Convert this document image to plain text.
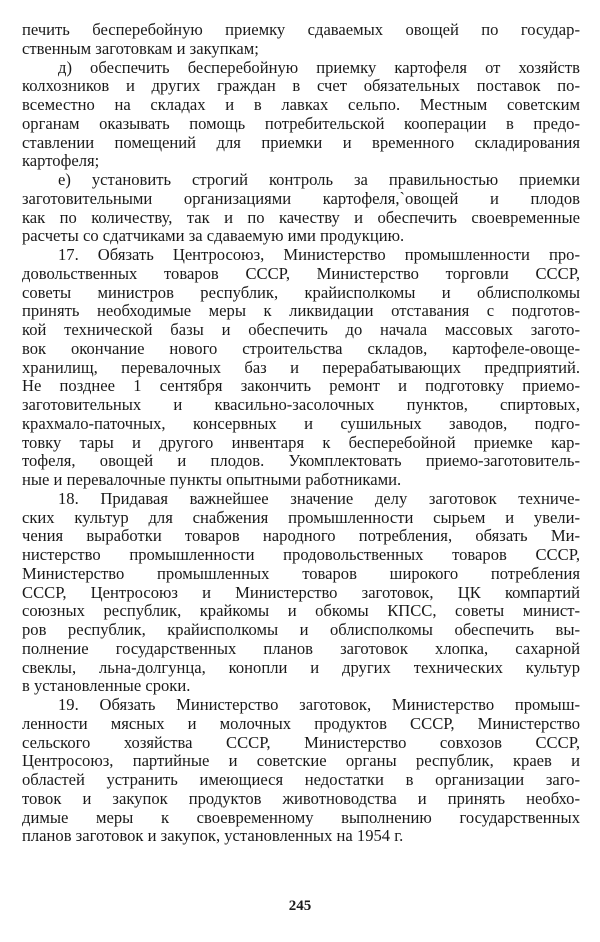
печить бесперебойную приемку сдаваемых овощей по государ-
ственным заготовкам и закупкам;
д) обеспечить бесперебойную приемку картофеля от хозяйств
колхозников и других граждан в счет обязательных поставок по-
всеместно на складах и в лавках сельпо. Местным советским
органам оказывать помощь потребительской кооперации в предо-
ставлении помещений для приемки и временного складирования
картофеля;
е) установить строгий контроль за правильностью приемки
заготовительными организациями картофеля,`овощей и плодов
как по количеству, так и по качеству и обеспечить своевременные
расчеты со сдатчиками за сдаваемую ими продукцию.
17. Обязать Центросоюз, Министерство промышленности про-
довольственных товаров СССР, Министерство торговли СССР,
советы министров республик, крайисполкомы и облисполкомы
принять необходимые меры к ликвидации отставания с подготов-
кой технической базы и обеспечить до начала массовых загото-
вок окончание нового строительства складов, картофеле-овоще-
хранилищ, перевалочных баз и перерабатывающих предприятий.
Не позднее 1 сентября закончить ремонт и подготовку приемо-
заготовительных и квасильно-засолочных пунктов, спиртовых,
крахмало-паточных, консервных и сушильных заводов, подго-
товку тары и другого инвентаря к бесперебойной приемке кар-
тофеля, овощей и плодов. Укомплектовать приемо-заготовитель-
ные и перевалочные пункты опытными работниками.
18. Придавая важнейшее значение делу заготовок техниче-
ских культур для снабжения промышленности сырьем и увели-
чения выработки товаров народного потребления, обязать Ми-
нистерство промышленности продовольственных товаров СССР,
Министерство промышленных товаров широкого потребления
СССР, Центросоюз и Министерство заготовок, ЦК компартий
союзных республик, крайкомы и обкомы КПСС, советы минист-
ров республик, крайисполкомы и облисполкомы обеспечить вы-
полнение государственных планов заготовок хлопка, сахарной
свеклы, льна-долгунца, конопли и других технических культур
в установленные сроки.
19. Обязать Министерство заготовок, Министерство промыш-
ленности мясных и молочных продуктов СССР, Министерство
сельского хозяйства СССР, Министерство совхозов СССР,
Центросоюз, партийные и советские органы республик, краев и
областей устранить имеющиеся недостатки в организации заго-
товок и закупок продуктов животноводства и принять необхо-
димые меры к своевременному выполнению государственных
планов заготовок и закупок, установленных на 1954 г.
245
